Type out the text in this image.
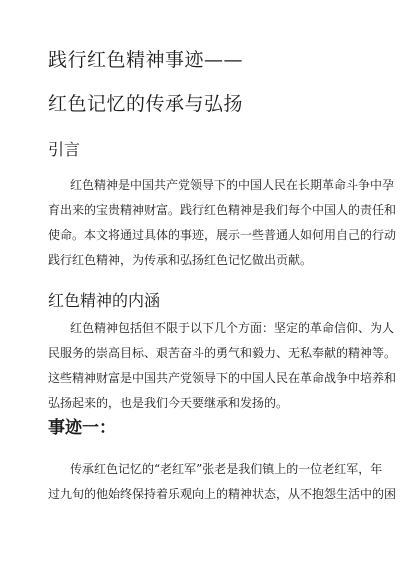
践行红色精神事迹——
红色记忆的传承与弘扬
引言
红色精神是中国共产党领导下的中国人民在长期革命斗争中孕
育出来的宝贵精神财富。践行红色精神是我们每个中国人的责任和
使命。本文将通过具体的事迹，展示一些普通人如何用自己的行动
践行红色精神，为传承和弘扬红色记忆做出贡献。
红色精神的内涵
红色精神包括但不限于以下几个方面：坚定的革命信仰、为人
民服务的崇高目标、艰苦奋斗的勇气和毅力、无私奉献的精神等。
这些精神财富是中国共产党领导下的中国人民在革命战争中培养和
弘扬起来的，也是我们今天要继承和发扬的。
事迹一：
传承红色记忆的“老红军”张老是我们镇上的一位老红军，年
过九旬的他始终保持着乐观向上的精神状态，从不抱怨生活中的困
